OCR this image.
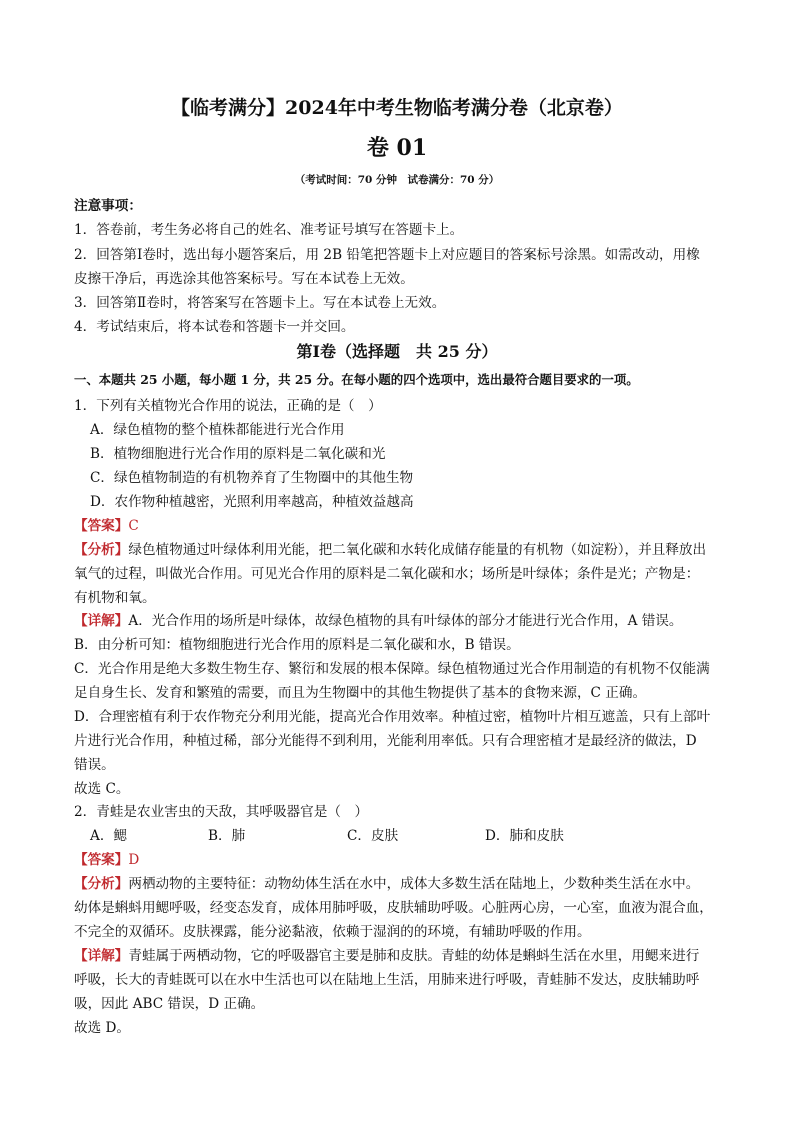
【临考满分】2024年中考生物临考满分卷（北京卷）
卷 01
（考试时间：70 分钟　试卷满分：70 分）
注意事项：
1．答卷前，考生务必将自己的姓名、准考证号填写在答题卡上。
2．回答第Ⅰ卷时，选出每小题答案后，用 2B 铅笔把答题卡上对应题目的答案标号涂黑。如需改动，用橡
皮擦干净后，再选涂其他答案标号。写在本试卷上无效。
3．回答第Ⅱ卷时，将答案写在答题卡上。写在本试卷上无效。
4．考试结束后，将本试卷和答题卡一并交回。
第Ⅰ卷（选择题　共 25 分）
一、本题共 25 小题，每小题 1 分，共 25 分。在每小题的四个选项中，选出最符合题目要求的一项。
1．下列有关植物光合作用的说法，正确的是（　）
A．绿色植物的整个植株都能进行光合作用
B．植物细胞进行光合作用的原料是二氧化碳和光
C．绿色植物制造的有机物养育了生物圈中的其他生物
D．农作物种植越密，光照利用率越高，种植效益越高
【答案】C
【分析】绿色植物通过叶绿体利用光能，把二氧化碳和水转化成储存能量的有机物（如淀粉），并且释放出
氧气的过程，叫做光合作用。可见光合作用的原料是二氧化碳和水；场所是叶绿体；条件是光；产物是：
有机物和氧。
【详解】A．光合作用的场所是叶绿体，故绿色植物的具有叶绿体的部分才能进行光合作用，A 错误。
B．由分析可知：植物细胞进行光合作用的原料是二氧化碳和水，B 错误。
C．光合作用是绝大多数生物生存、繁衍和发展的根本保障。绿色植物通过光合作用制造的有机物不仅能满
足自身生长、发育和繁殖的需要，而且为生物圈中的其他生物提供了基本的食物来源，C 正确。
D．合理密植有利于农作物充分利用光能，提高光合作用效率。种植过密，植物叶片相互遮盖，只有上部叶
片进行光合作用，种植过稀，部分光能得不到利用，光能利用率低。只有合理密植才是最经济的做法，D
错误。
故选 C。
2．青蛙是农业害虫的天敌，其呼吸器官是（　）
A．鳃	B．肺	C．皮肤	D．肺和皮肤
【答案】D
【分析】两栖动物的主要特征：动物幼体生活在水中，成体大多数生活在陆地上，少数种类生活在水中。
幼体是蝌蚪用鳃呼吸，经变态发育，成体用肺呼吸，皮肤辅助呼吸。心脏两心房，一心室，血液为混合血，
不完全的双循环。皮肤裸露，能分泌黏液，依赖于湿润的的环境，有辅助呼吸的作用。
【详解】青蛙属于两栖动物，它的呼吸器官主要是肺和皮肤。青蛙的幼体是蝌蚪生活在水里，用鳃来进行
呼吸，长大的青蛙既可以在水中生活也可以在陆地上生活，用肺来进行呼吸，青蛙肺不发达，皮肤辅助呼
吸，因此 ABC 错误，D 正确。
故选 D。
